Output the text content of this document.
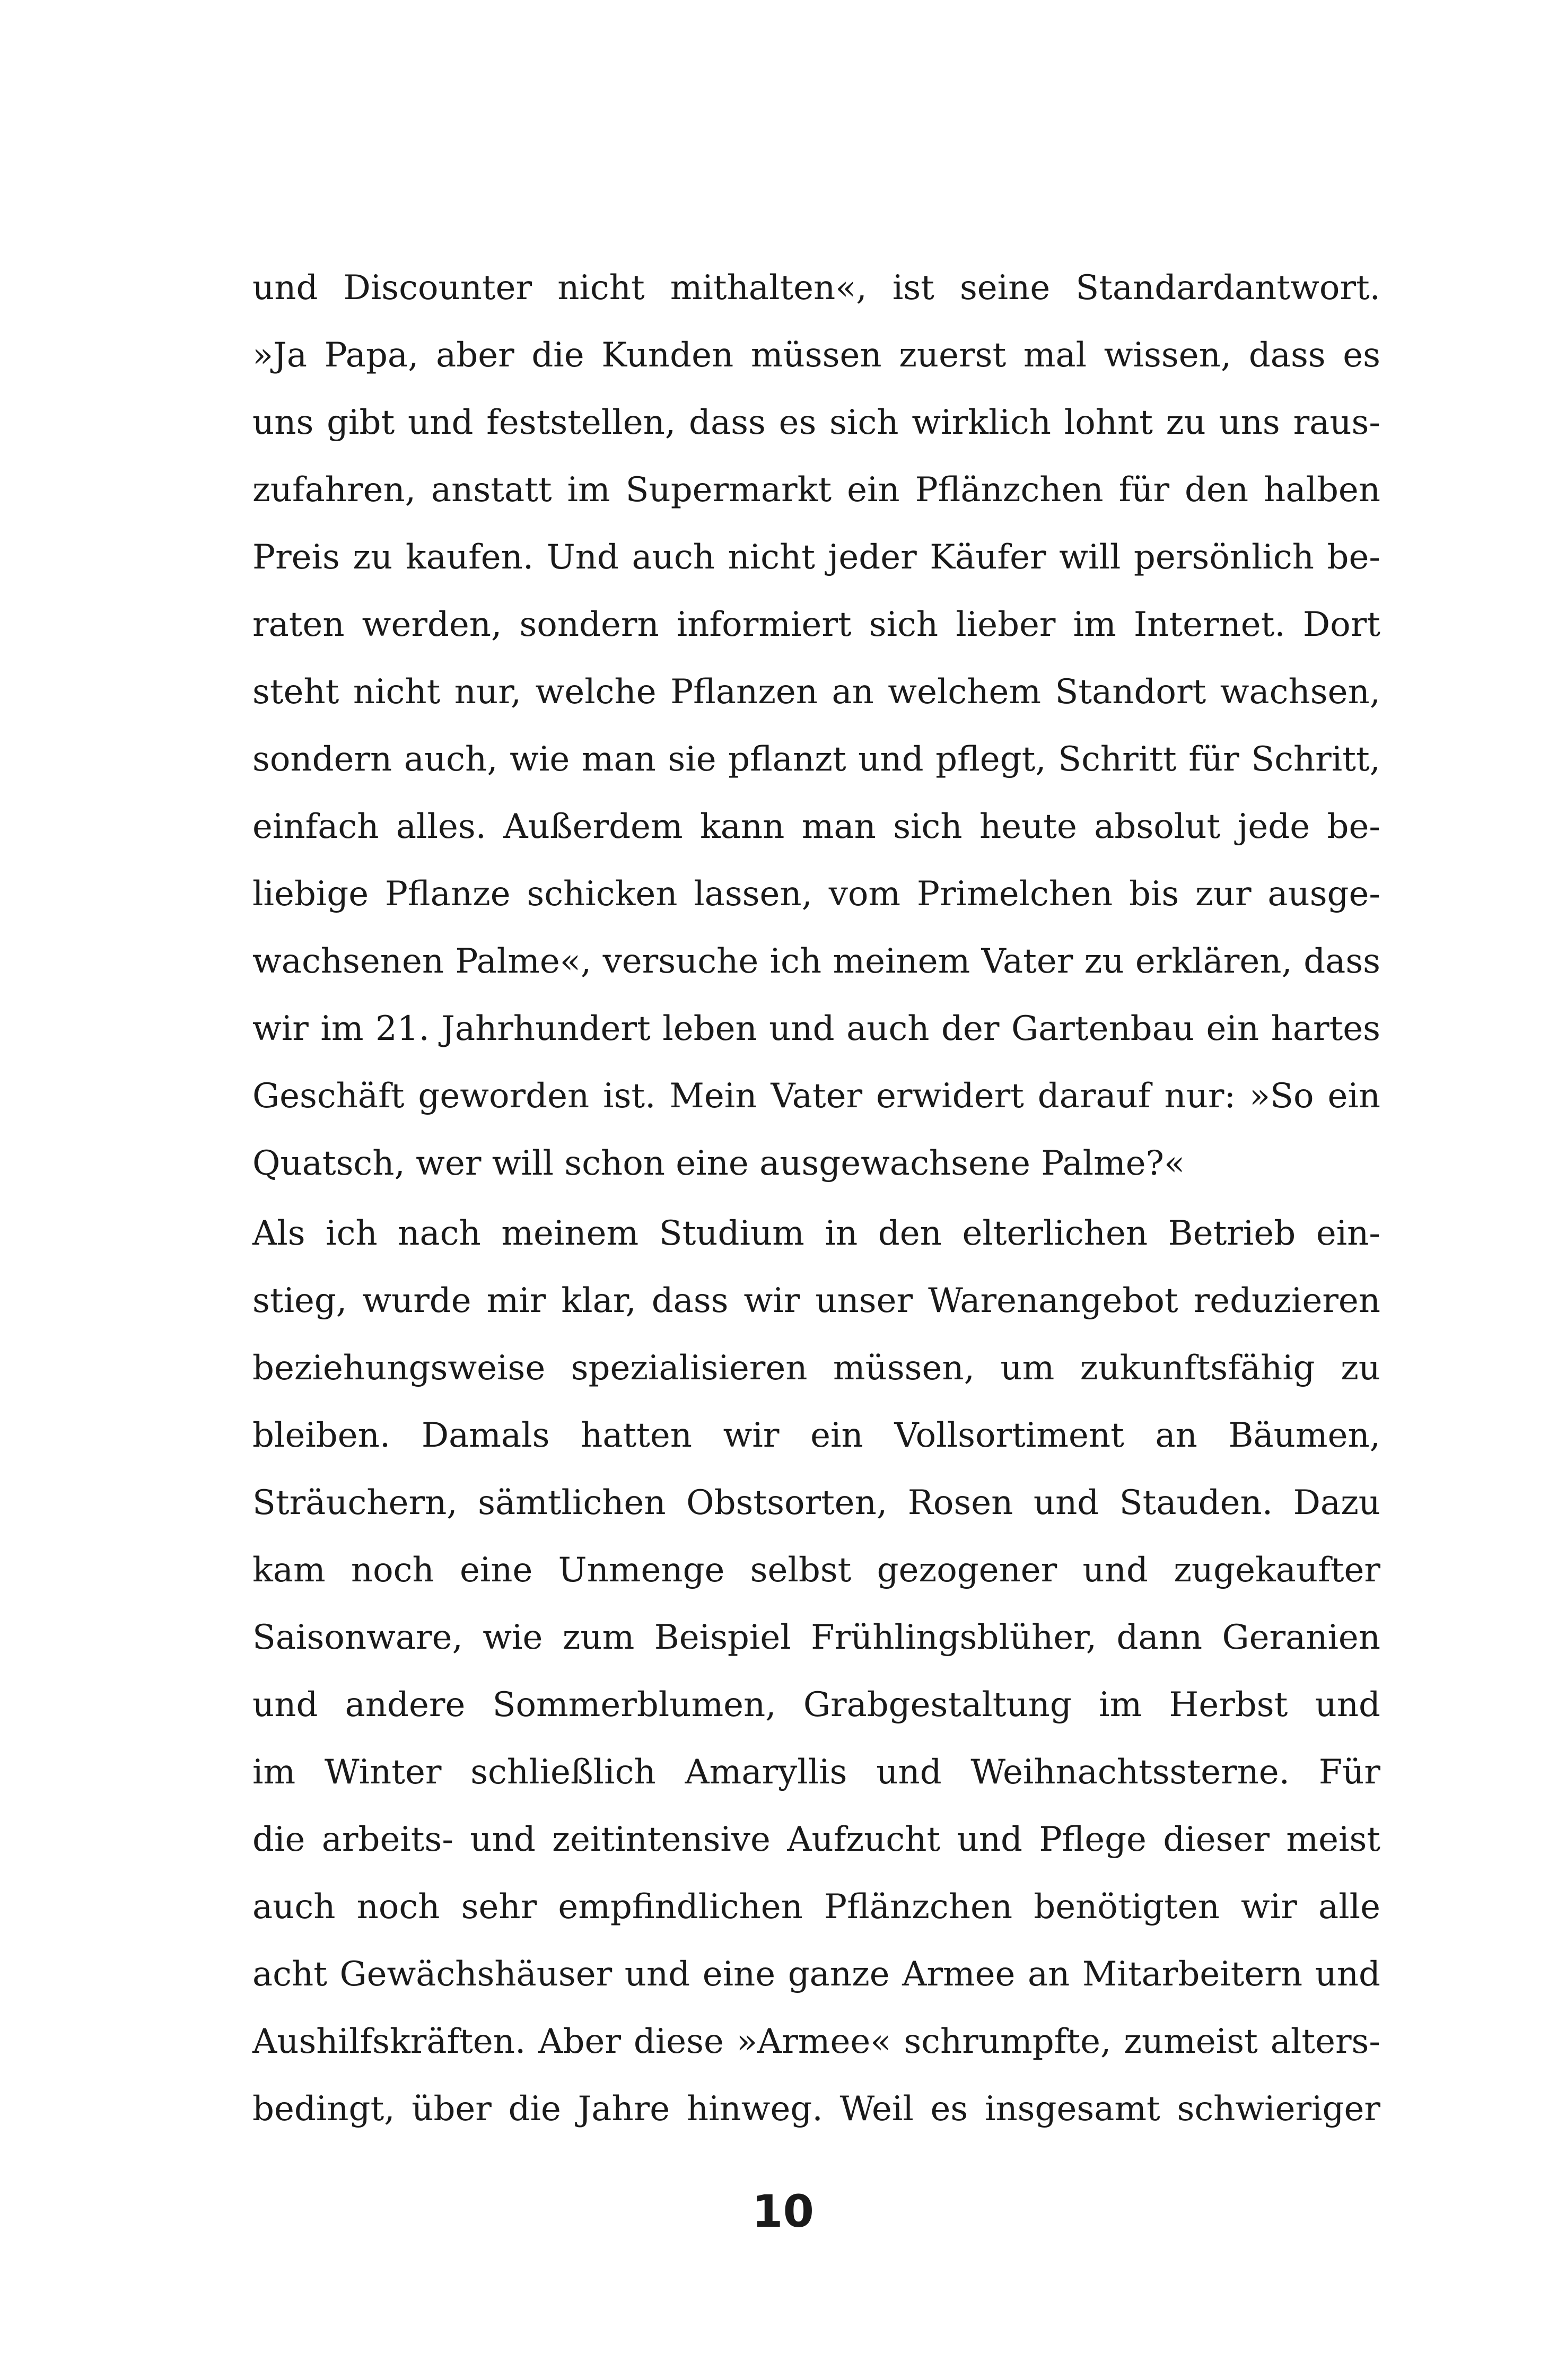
und Discounter nicht mithalten«, ist seine Standardantwort.
»Ja Papa, aber die Kunden müssen zuerst mal wissen, dass es
uns gibt und feststellen, dass es sich wirklich lohnt zu uns raus-
zufahren, anstatt im Supermarkt ein Pflänzchen für den halben
Preis zu kaufen. Und auch nicht jeder Käufer will persönlich be-
raten werden, sondern informiert sich lieber im Internet. Dort
steht nicht nur, welche Pflanzen an welchem Standort wachsen,
sondern auch, wie man sie pflanzt und pflegt, Schritt für Schritt,
einfach alles. Außerdem kann man sich heute absolut jede be-
liebige Pflanze schicken lassen, vom Primelchen bis zur ausge-
wachsenen Palme«, versuche ich meinem Vater zu erklären, dass
wir im 21. Jahrhundert leben und auch der Gartenbau ein hartes
Geschäft geworden ist. Mein Vater erwidert darauf nur: »So ein
Quatsch, wer will schon eine ausgewachsene Palme?«
Als ich nach meinem Studium in den elterlichen Betrieb ein-
stieg, wurde mir klar, dass wir unser Warenangebot reduzieren
beziehungsweise spezialisieren müssen, um zukunftsfähig zu
bleiben. Damals hatten wir ein Vollsortiment an Bäumen,
Sträuchern, sämtlichen Obstsorten, Rosen und Stauden. Dazu
kam noch eine Unmenge selbst gezogener und zugekaufter
Saisonware, wie zum Beispiel Frühlingsblüher, dann Geranien
und andere Sommerblumen, Grabgestaltung im Herbst und
im Winter schließlich Amaryllis und Weihnachtssterne. Für
die arbeits- und zeitintensive Aufzucht und Pflege dieser meist
auch noch sehr empfindlichen Pflänzchen benötigten wir alle
acht Gewächshäuser und eine ganze Armee an Mitarbeitern und
Aushilfskräften. Aber diese »Armee« schrumpfte, zumeist alters-
bedingt, über die Jahre hinweg. Weil es insgesamt schwieriger
10
